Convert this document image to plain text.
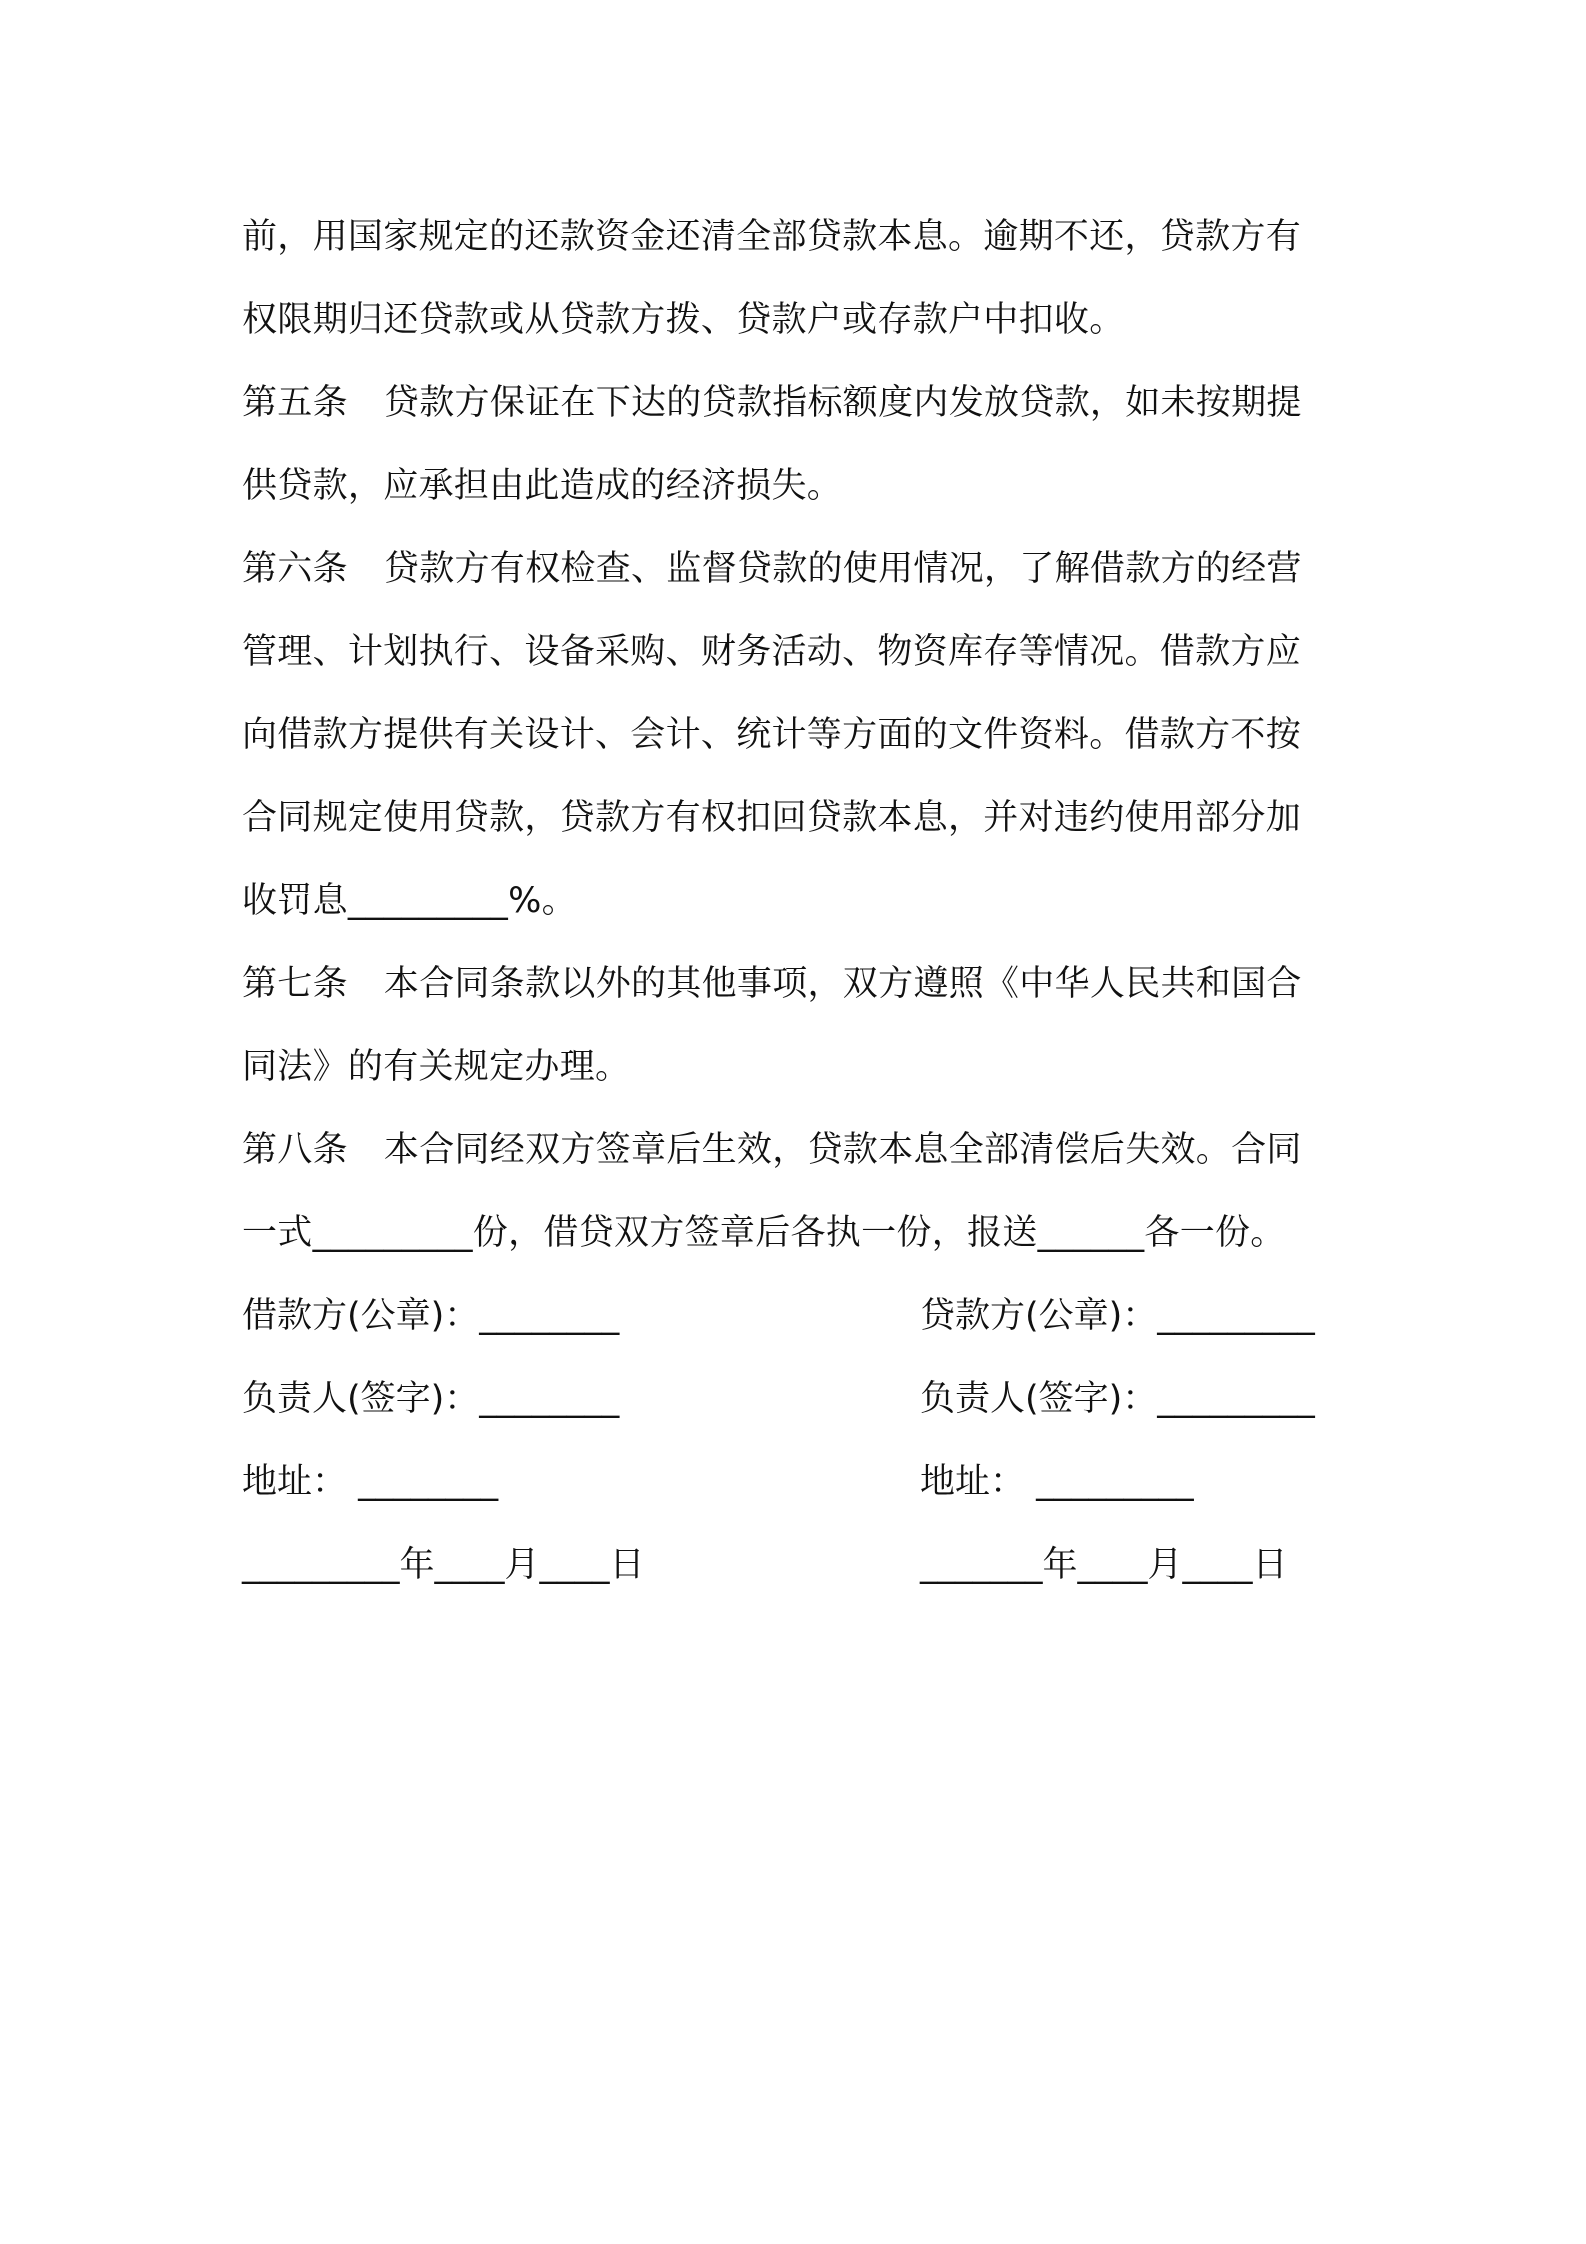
前，用国家规定的还款资金还清全部贷款本息。逾期不还，贷款方有
权限期归还贷款或从贷款方拨、贷款户或存款户中扣收。
第五条 贷款方保证在下达的贷款指标额度内发放贷款，如未按期提
供贷款，应承担由此造成的经济损失。
第六条 贷款方有权检查、监督贷款的使用情况，了解借款方的经营
管理、计划执行、设备采购、财务活动、物资库存等情况。借款方应
向借款方提供有关设计、会计、统计等方面的文件资料。借款方不按
合同规定使用贷款，贷款方有权扣回贷款本息，并对违约使用部分加
收罚息_________%。
第七条 本合同条款以外的其他事项，双方遵照《中华人民共和国合
同法》的有关规定办理。
第八条 本合同经双方签章后生效，贷款本息全部清偿后失效。合同
一式_________份，借贷双方签章后各执一份，报送______各一份。
借款方(公章)：________	贷款方(公章)：_________
负责人(签字)：________	负责人(签字)：_________
地址： ________	地址： _________
_________年____月____日	_______年____月____日
